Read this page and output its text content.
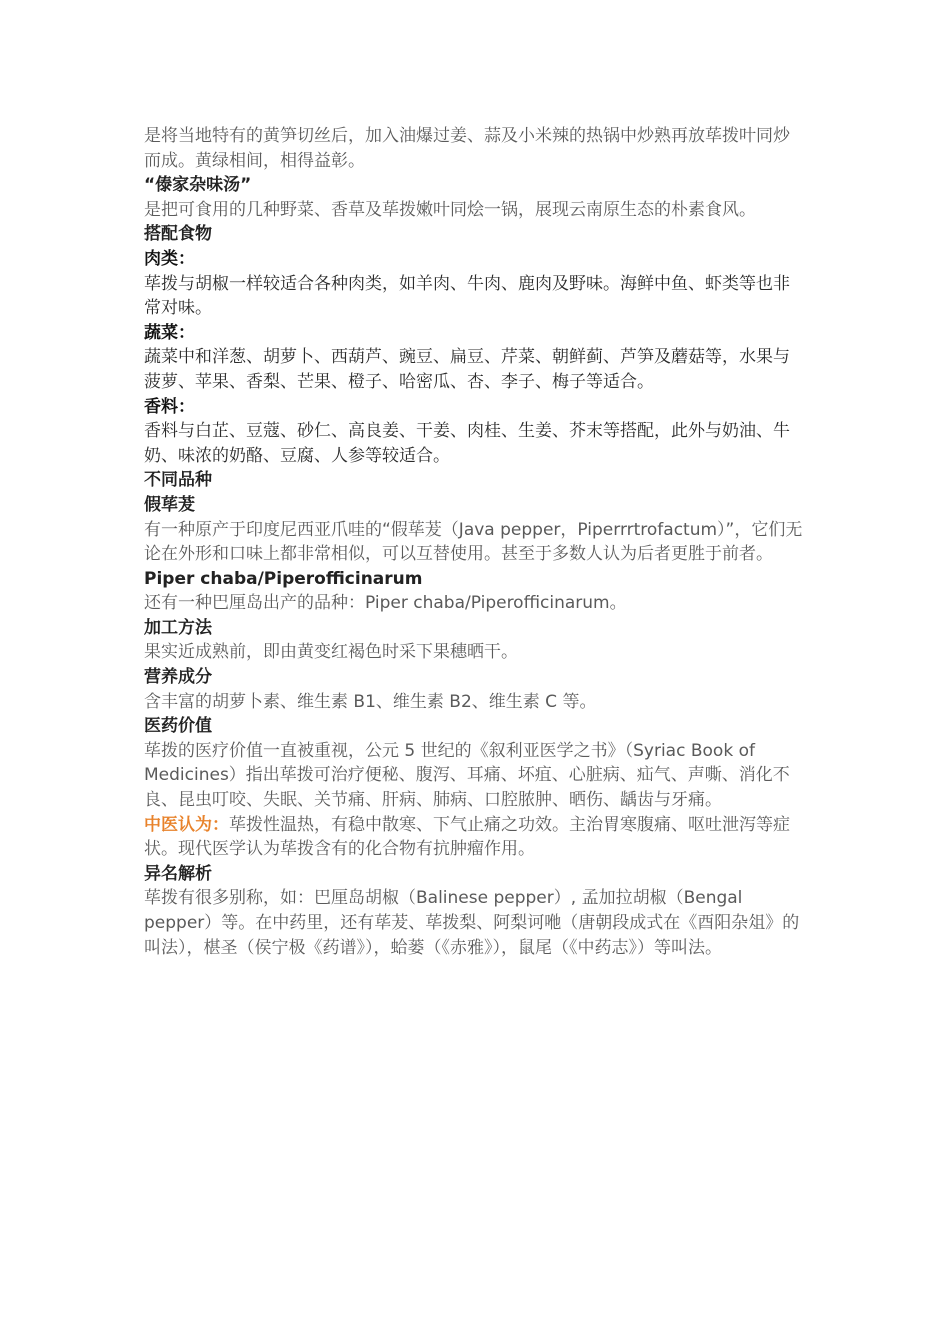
是将当地特有的黄笋切丝后，加入油爆过姜、蒜及小米辣的热锅中炒熟再放荜拨叶同炒而成。黄绿相间，相得益彰。

“傣家杂味汤”

是把可食用的几种野菜、香草及荜拨嫩叶同烩一锅，展现云南原生态的朴素食风。

搭配食物

肉类：

荜拨与胡椒一样较适合各种肉类，如羊肉、牛肉、鹿肉及野味。海鲜中鱼、虾类等也非常对味。

蔬菜：

蔬菜中和洋葱、胡萝卜、西葫芦、豌豆、扁豆、芹菜、朝鲜蓟、芦笋及蘑菇等，水果与菠萝、苹果、香梨、芒果、橙子、哈密瓜、杏、李子、梅子等适合。

香料：

香料与白芷、豆蔻、砂仁、高良姜、干姜、肉桂、生姜、芥末等搭配，此外与奶油、牛奶、味浓的奶酪、豆腐、人参等较适合。

不同品种

假荜茇

有一种原产于印度尼西亚爪哇的“假荜茇（Java pepper，Piperrrtrofactum）”，它们无论在外形和口味上都非常相似，可以互替使用。甚至于多数人认为后者更胜于前者。

Piper chaba/Piperofficinarum

还有一种巴厘岛出产的品种：Piper chaba/Piperofficinarum。

加工方法

果实近成熟前，即由黄变红褐色时采下果穗晒干。

营养成分

含丰富的胡萝卜素、维生素 B1、维生素 B2、维生素 C 等。

医药价值

荜拨的医疗价值一直被重视，公元 5 世纪的《叙利亚医学之书》（Syriac Book of Medicines）指出荜拨可治疗便秘、腹泻、耳痛、坏疽、心脏病、疝气、声嘶、消化不良、昆虫叮咬、失眠、关节痛、肝病、肺病、口腔脓肿、晒伤、龋齿与牙痛。

中医认为：荜拨性温热，有稳中散寒、下气止痛之功效。主治胃寒腹痛、呕吐泄泻等症状。现代医学认为荜拨含有的化合物有抗肿瘤作用。

异名解析

荜拨有很多别称，如：巴厘岛胡椒（Balinese pepper）, 孟加拉胡椒（Bengal pepper）等。在中药里，还有荜茇、荜拨梨、阿梨诃咃（唐朝段成式在《酉阳杂俎》的叫法），椹圣（侯宁极《药谱》），蛤蒌（《赤雅》），鼠尾（《中药志》）等叫法。
